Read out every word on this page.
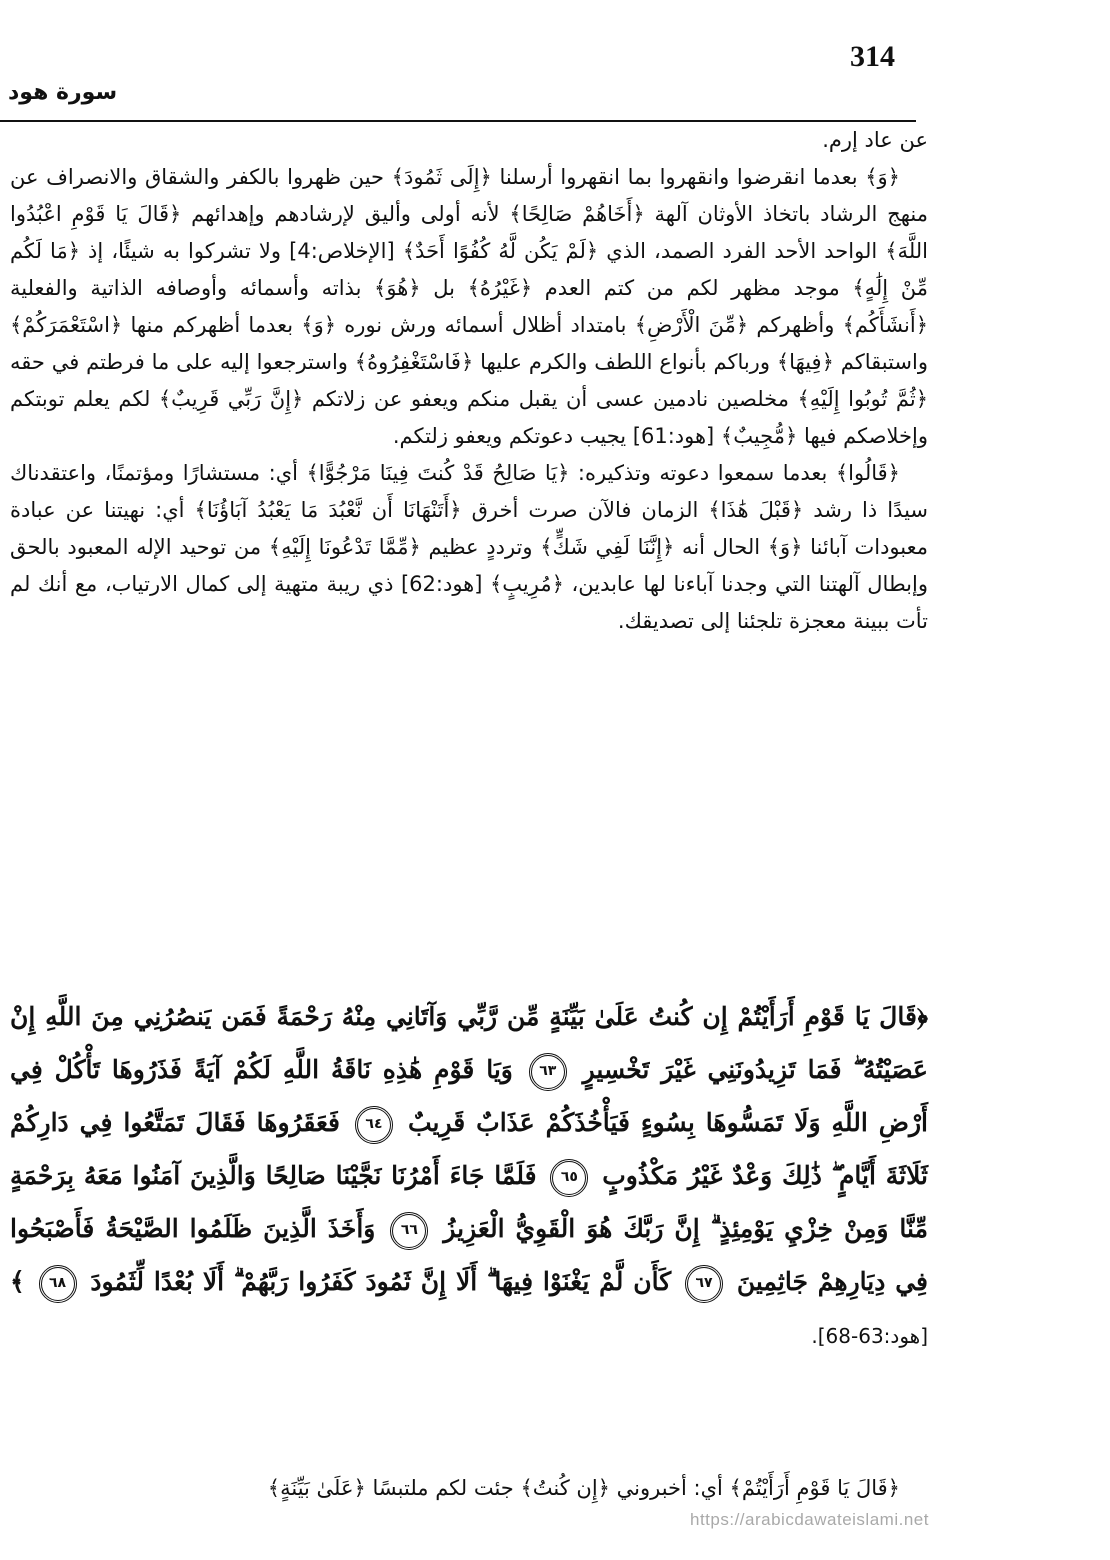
314
سورة هود

عن عاد إرم.

﴿وَ﴾ بعدما انقرضوا وانقهروا بما انقهروا أرسلنا ﴿إِلَى ثَمُودَ﴾ حين ظهروا بالكفر والشقاق والانصراف عن منهج الرشاد باتخاذ الأوثان آلهة ﴿أَخَاهُمْ صَالِحًا﴾ لأنه أولى وأليق لإرشادهم وإهدائهم ﴿قَالَ يَا قَوْمِ اعْبُدُوا اللَّهَ﴾ الواحد الأحد الفرد الصمد، الذي ﴿لَمْ يَكُن لَّهُ كُفُوًا أَحَدٌ﴾ [الإخلاص:4] ولا تشركوا به شيئًا، إذ ﴿مَا لَكُم مِّنْ إِلَٰهٍ﴾ موجد مظهر لكم من كتم العدم ﴿غَيْرُهُ﴾ بل ﴿هُوَ﴾ بذاته وأسمائه وأوصافه الذاتية والفعلية ﴿أَنشَأَكُم﴾ وأظهركم ﴿مِّنَ الْأَرْضِ﴾ بامتداد أظلال أسمائه ورش نوره ﴿وَ﴾ بعدما أظهركم منها ﴿اسْتَعْمَرَكُمْ﴾ واستبقاكم ﴿فِيهَا﴾ ورباكم بأنواع اللطف والكرم عليها ﴿فَاسْتَغْفِرُوهُ﴾ واسترجعوا إليه على ما فرطتم في حقه ﴿ثُمَّ تُوبُوا إِلَيْهِ﴾ مخلصين نادمين عسى أن يقبل منكم ويعفو عن زلاتكم ﴿إِنَّ رَبِّي قَرِيبٌ﴾ لكم يعلم توبتكم وإخلاصكم فيها ﴿مُّجِيبٌ﴾ [هود:61] يجيب دعوتكم ويعفو زلتكم.

﴿قَالُوا﴾ بعدما سمعوا دعوته وتذكيره: ﴿يَا صَالِحُ قَدْ كُنتَ فِينَا مَرْجُوًّا﴾ أي: مستشارًا ومؤتمنًا، واعتقدناك سيدًا ذا رشد ﴿قَبْلَ هَٰذَا﴾ الزمان فالآن صرت أخرق ﴿أَتَنْهَانَا أَن نَّعْبُدَ مَا يَعْبُدُ آبَاؤُنَا﴾ أي: نهيتنا عن عبادة معبودات آبائنا ﴿وَ﴾ الحال أنه ﴿إِنَّنَا لَفِي شَكٍّ﴾ وترددٍ عظيم ﴿مِّمَّا تَدْعُونَا إِلَيْهِ﴾ من توحيد الإله المعبود بالحق وإبطال آلهتنا التي وجدنا آباءنا لها عابدين، ﴿مُرِيبٍ﴾ [هود:62] ذي ريبة متهية إلى كمال الارتياب، مع أنك لم تأت ببينة معجزة تلجئنا إلى تصديقك.

﴿قَالَ يَا قَوْمِ أَرَأَيْتُمْ إِن كُنتُ عَلَىٰ بَيِّنَةٍ مِّن رَّبِّي وَآتَانِي مِنْهُ رَحْمَةً فَمَن يَنصُرُنِي مِنَ اللَّهِ إِنْ عَصَيْتُهُ ۖ فَمَا تَزِيدُونَنِي غَيْرَ تَخْسِيرٍ ٦٣ وَيَا قَوْمِ هَٰذِهِ نَاقَةُ اللَّهِ لَكُمْ آيَةً فَذَرُوهَا تَأْكُلْ فِي أَرْضِ اللَّهِ وَلَا تَمَسُّوهَا بِسُوءٍ فَيَأْخُذَكُمْ عَذَابٌ قَرِيبٌ ٦٤ فَعَقَرُوهَا فَقَالَ تَمَتَّعُوا فِي دَارِكُمْ ثَلَاثَةَ أَيَّامٍ ۖ ذَٰلِكَ وَعْدٌ غَيْرُ مَكْذُوبٍ ٦٥ فَلَمَّا جَاءَ أَمْرُنَا نَجَّيْنَا صَالِحًا وَالَّذِينَ آمَنُوا مَعَهُ بِرَحْمَةٍ مِّنَّا وَمِنْ خِزْيِ يَوْمِئِذٍ ۗ إِنَّ رَبَّكَ هُوَ الْقَوِيُّ الْعَزِيزُ ٦٦ وَأَخَذَ الَّذِينَ ظَلَمُوا الصَّيْحَةُ فَأَصْبَحُوا فِي دِيَارِهِمْ جَاثِمِينَ ٦٧ كَأَن لَّمْ يَغْنَوْا فِيهَا ۗ أَلَا إِنَّ ثَمُودَ كَفَرُوا رَبَّهُمْ ۗ أَلَا بُعْدًا لِّثَمُودَ ٦٨ ﴾ [هود:63-68].

﴿قَالَ يَا قَوْمِ أَرَأَيْتُمْ﴾ أي: أخبروني ﴿إِن كُنتُ﴾ جئت لكم ملتبسًا ﴿عَلَىٰ بَيِّنَةٍ﴾

https://arabicdawateislami.net
